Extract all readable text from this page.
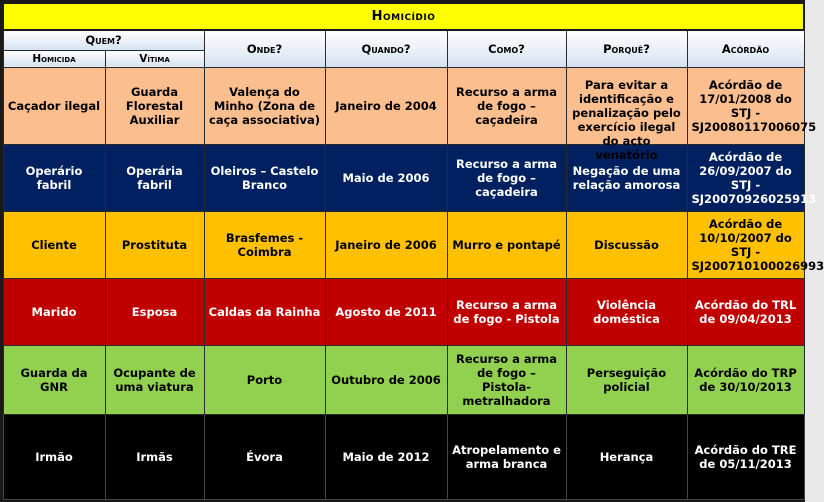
Homicídio						
Quem?		Onde?	Quando?	Como?	Porquê?	Acórdão
Homicida	Vítima					
Caçador ilegal	Guarda Florestal Auxiliar	Valença do Minho (Zona de caça associativa)	Janeiro de 2004	Recurso a arma de fogo – caçadeira	Para evitar a identificação e penalização pelo exercício ilegal do acto venatório	Acórdão de 17/01/2008 do STJ - SJ20080117006075
Operário fabril	Operária fabril	Oleiros – Castelo Branco	Maio de 2006	Recurso a arma de fogo – caçadeira	Negação de uma relação amorosa	Acórdão de 26/09/2007 do STJ - SJ20070926025913
Cliente	Prostituta	Brasfemes - Coimbra	Janeiro de 2006	Murro e pontapé	Discussão	Acórdão de 10/10/2007 do STJ - SJ200710100026993
Marido	Esposa	Caldas da Rainha	Agosto de 2011	Recurso a arma de fogo - Pistola	Violência doméstica	Acórdão do TRL de 09/04/2013
Guarda da GNR	Ocupante de uma viatura	Porto	Outubro de 2006	Recurso a arma de fogo – Pistola-metralhadora	Perseguição policial	Acórdão do TRP de 30/10/2013
Irmão	Irmãs	Évora	Maio de 2012	Atropelamento e arma branca	Herança	Acórdão do TRE de 05/11/2013
